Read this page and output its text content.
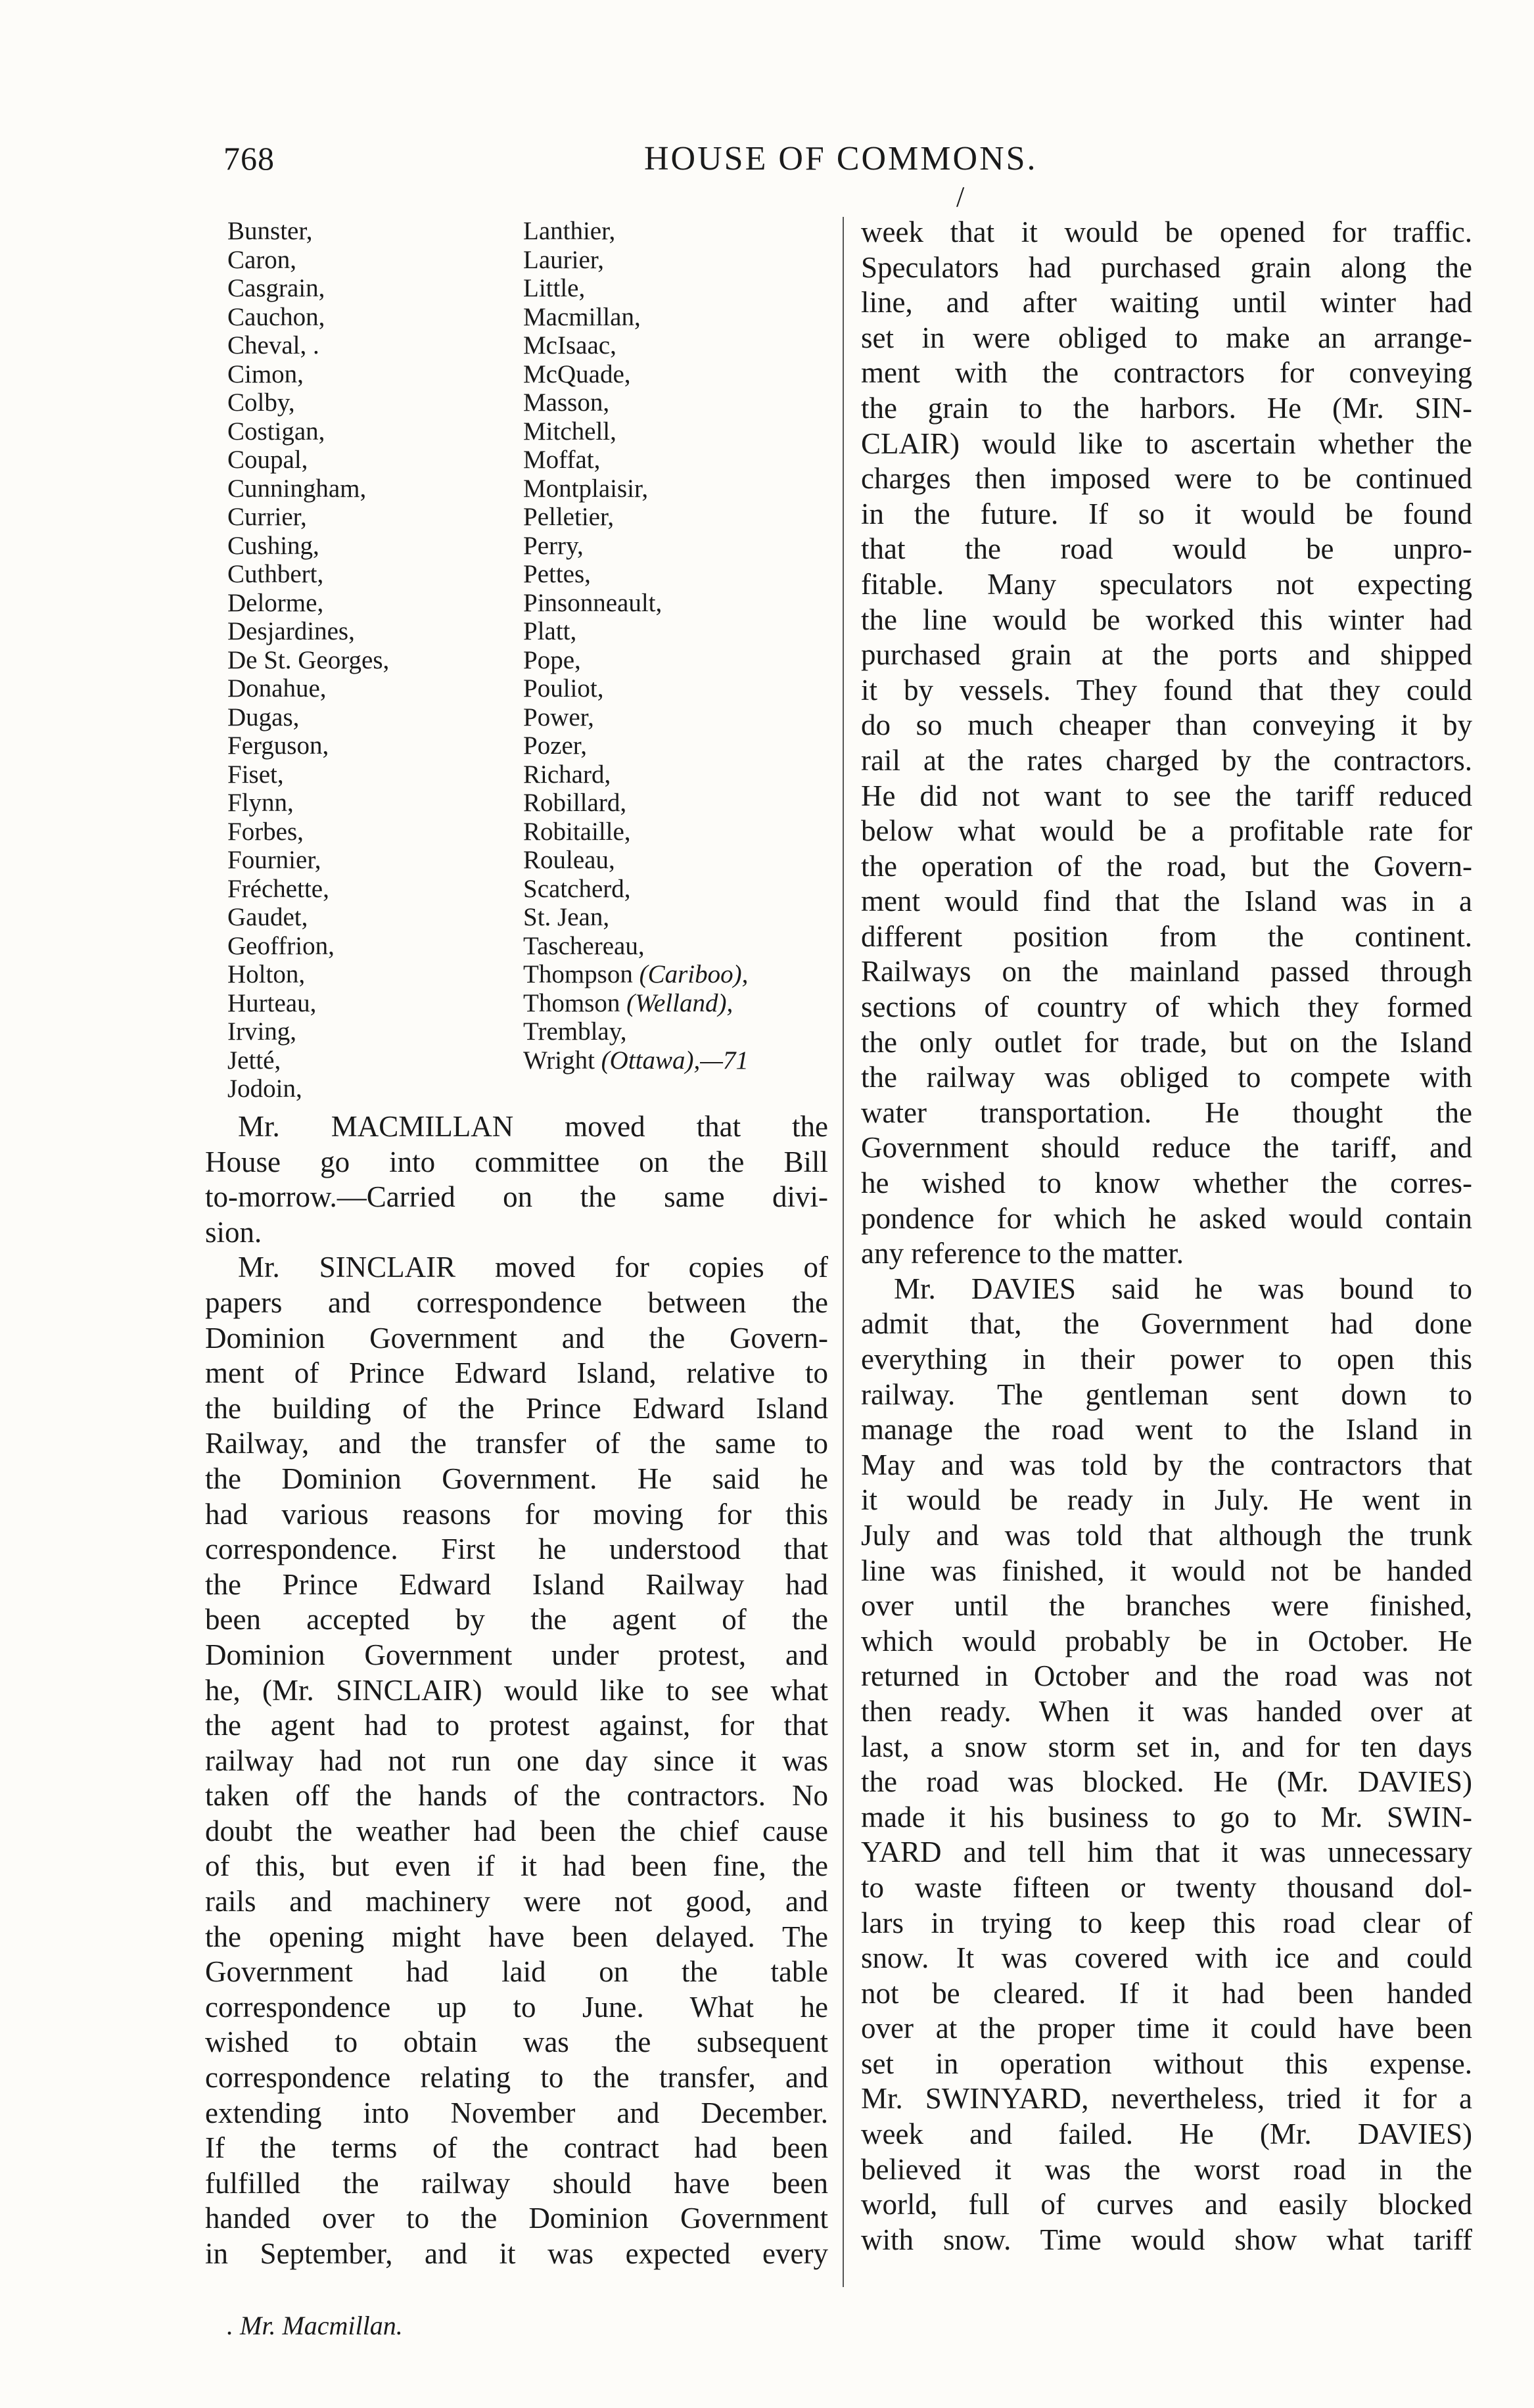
768	HOUSE OF COMMONS.
/
Bunster,
Caron,
Casgrain,
Cauchon,
Cheval, .
Cimon,
Colby,
Costigan,
Coupal,
Cunningham,
Currier,
Cushing,
Cuthbert,
Delorme,
Desjardines,
De St. Georges,
Donahue,
Dugas,
Ferguson,
Fiset,
Flynn,
Forbes,
Fournier,
Fréchette,
Gaudet,
Geoffrion,
Holton,
Hurteau,
Irving,
Jetté,
Jodoin,
Lanthier,
Laurier,
Little,
Macmillan,
McIsaac,
McQuade,
Masson,
Mitchell,
Moffat,
Montplaisir,
Pelletier,
Perry,
Pettes,
Pinsonneault,
Platt,
Pope,
Pouliot,
Power,
Pozer,
Richard,
Robillard,
Robitaille,
Rouleau,
Scatcherd,
St. Jean,
Taschereau,
Thompson (Cariboo),
Thomson (Welland),
Tremblay,
Wright (Ottawa),—71
Mr. MACMILLAN moved that the
House go into committee on the Bill
to-morrow.—Carried on the same divi-
sion.
Mr. SINCLAIR moved for copies of
papers and correspondence between the
Dominion Government and the Govern-
ment of Prince Edward Island, relative to
the building of the Prince Edward Island
Railway, and the transfer of the same to
the Dominion Government. He said he
had various reasons for moving for this
correspondence. First he understood that
the Prince Edward Island Railway had
been accepted by the agent of the
Dominion Government under protest, and
he, (Mr. SINCLAIR) would like to see what
the agent had to protest against, for that
railway had not run one day since it was
taken off the hands of the contractors. No
doubt the weather had been the chief cause
of this, but even if it had been fine, the
rails and machinery were not good, and
the opening might have been delayed. The
Government had laid on the table
correspondence up to June. What he
wished to obtain was the subsequent
correspondence relating to the transfer, and
extending into November and December.
If the terms of the contract had been
fulfilled the railway should have been
handed over to the Dominion Government
in September, and it was expected every
week that it would be opened for traffic.
Speculators had purchased grain along the
line, and after waiting until winter had
set in were obliged to make an arrange-
ment with the contractors for conveying
the grain to the harbors. He (Mr. SIN-
CLAIR) would like to ascertain whether the
charges then imposed were to be continued
in the future. If so it would be found
that the road would be unpro-
fitable. Many speculators not expecting
the line would be worked this winter had
purchased grain at the ports and shipped
it by vessels. They found that they could
do so much cheaper than conveying it by
rail at the rates charged by the contractors.
He did not want to see the tariff reduced
below what would be a profitable rate for
the operation of the road, but the Govern-
ment would find that the Island was in a
different position from the continent.
Railways on the mainland passed through
sections of country of which they formed
the only outlet for trade, but on the Island
the railway was obliged to compete with
water transportation. He thought the
Government should reduce the tariff, and
he wished to know whether the corres-
pondence for which he asked would contain
any reference to the matter.
Mr. DAVIES said he was bound to
admit that, the Government had done
everything in their power to open this
railway. The gentleman sent down to
manage the road went to the Island in
May and was told by the contractors that
it would be ready in July. He went in
July and was told that although the trunk
line was finished, it would not be handed
over until the branches were finished,
which would probably be in October. He
returned in October and the road was not
then ready. When it was handed over at
last, a snow storm set in, and for ten days
the road was blocked. He (Mr. DAVIES)
made it his business to go to Mr. SWIN-
YARD and tell him that it was unnecessary
to waste fifteen or twenty thousand dol-
lars in trying to keep this road clear of
snow. It was covered with ice and could
not be cleared. If it had been handed
over at the proper time it could have been
set in operation without this expense.
Mr. SWINYARD, nevertheless, tried it for a
week and failed. He (Mr. DAVIES)
believed it was the worst road in the
world, full of curves and easily blocked
with snow. Time would show what tariff
. Mr. Macmillan.
